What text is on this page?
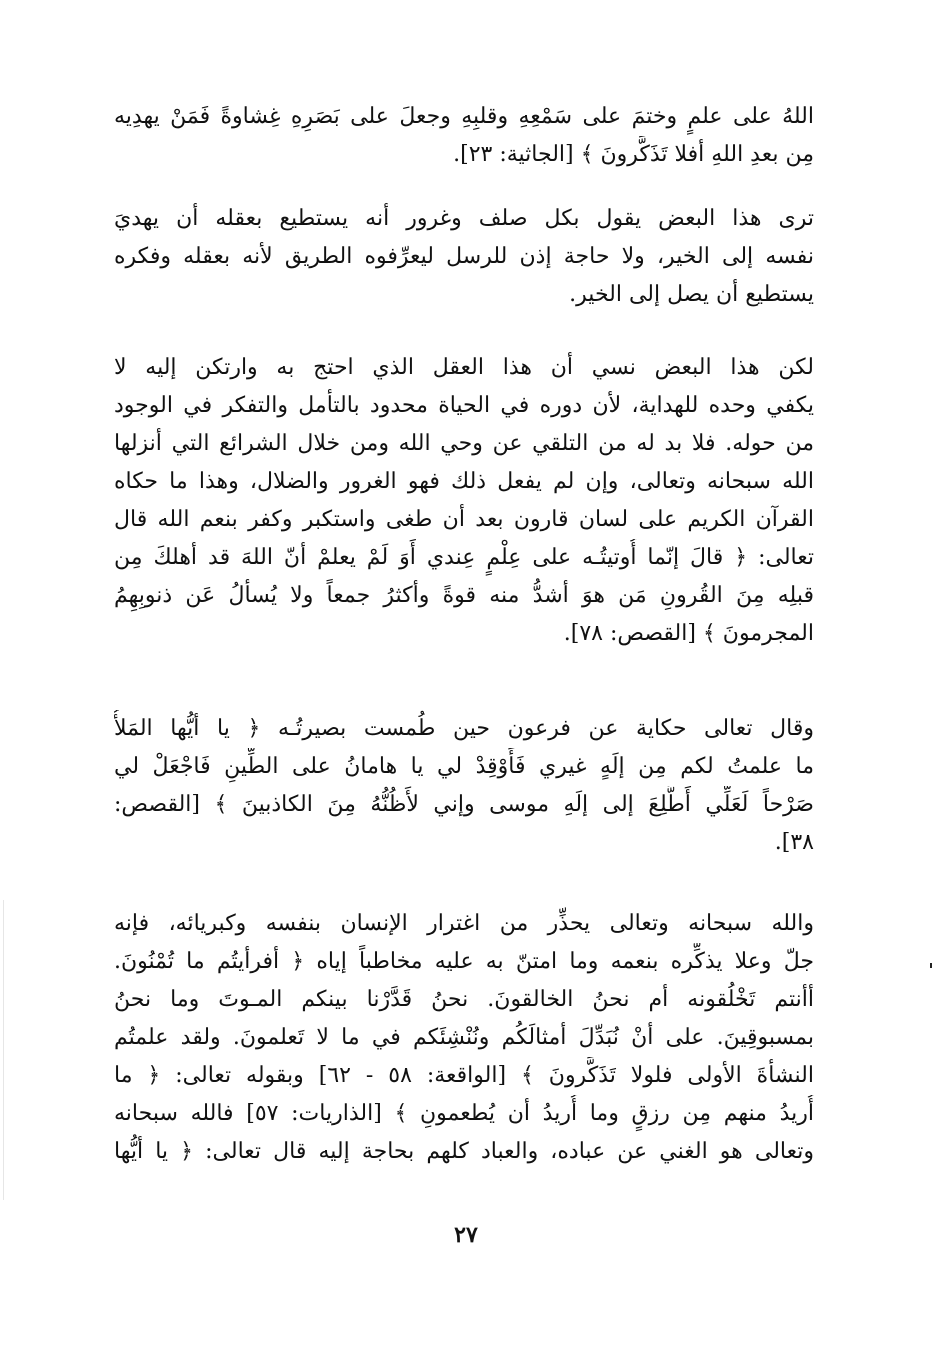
اللهُ على علمٍ وختمَ على سَمْعِهِ وقلبِهِ وجعلَ على بَصَرِهِ غِشاوةً فَمَنْ يهدِيه
مِن بعدِ اللهِ أفلا تَذَكَّرونَ ﴾ [الجاثية: ٢٣].
ترى هذا البعض يقول بكل صلف وغرور أنه يستطيع بعقله أن يهديَ
نفسه إلى الخير، ولا حاجة إذن للرسل ليعرِّفوه الطريق لأنه بعقله وفكره
يستطيع أن يصل إلى الخير.
لكن هذا البعض نسي أن هذا العقل الذي احتج به وارتكن إليه لا
يكفي وحده للهداية، لأن دوره في الحياة محدود بالتأمل والتفكر في الوجود
من حوله. فلا بد له من التلقي عن وحي الله ومن خلال الشرائع التي أنزلها
الله سبحانه وتعالى، وإن لم يفعل ذلك فهو الغرور والضلال، وهذا ما حكاه
القرآن الكريم على لسان قارون بعد أن طغى واستكبر وكفر بنعم الله قال
تعالى: ﴿ قالَ إنّما أُوتيتُـه على عِلْمٍ عِندي أَوَ لَمْ يعلمْ أنّ اللهَ قد أهلكَ مِن
قبلِه مِنَ القُرونِ مَن هوَ أشدُّ منه قوةً وأكثرُ جمعاً ولا يُسألُ عَن ذنوبِهِمُ
المجرمونَ ﴾ [القصص: ٧٨].
وقال تعالى حكاية عن فرعون حين طُمست بصيرتُـه ﴿ يا أيُّها المَلأُ
ما علمتُ لكم مِن إلَهٍ غيري فَأَوْقِدْ لي يا هامانُ على الطِّينِ فَاجْعَلْ لي
صَرْحاً لَعَلِّي أَطَّلِعَ إلى إلَهِ موسى وإني لأَظُنُّهُ مِنَ الكاذبينَ ﴾ [القصص:
٣٨].
والله سبحانه وتعالى يحذِّر من اغترار الإنسان بنفسه وكبريائه، فإنه
جلّ وعلا يذكِّره بنعمه وما امتنّ به عليه مخاطباً إياه ﴿ أفرأيتُم ما تُمْنُونَ.
أأنتم تَخْلُقونه أم نحنُ الخالقونَ. نحنُ قَدَّرْنا بينكم المـوتَ وما نحنُ
بمسبوقِينَ. على أنْ نُبَدِّلَ أمثالَكُم ونُنْشِئَكم في ما لا تَعلمونَ. ولقد علمتُم
النشأةَ الأولى فلولا تَذَكَّرونَ ﴾ [الواقعة: ٥٨ - ٦٢] وبقوله تعالى: ﴿ ما
أُريدُ منهم مِن رزقٍ وما أُريدُ أن يُطعمونِ ﴾ [الذاريات: ٥٧] فالله سبحانه
وتعالى هو الغني عن عباده، والعباد كلهم بحاجة إليه قال تعالى: ﴿ يا أيُّها
٢٧
